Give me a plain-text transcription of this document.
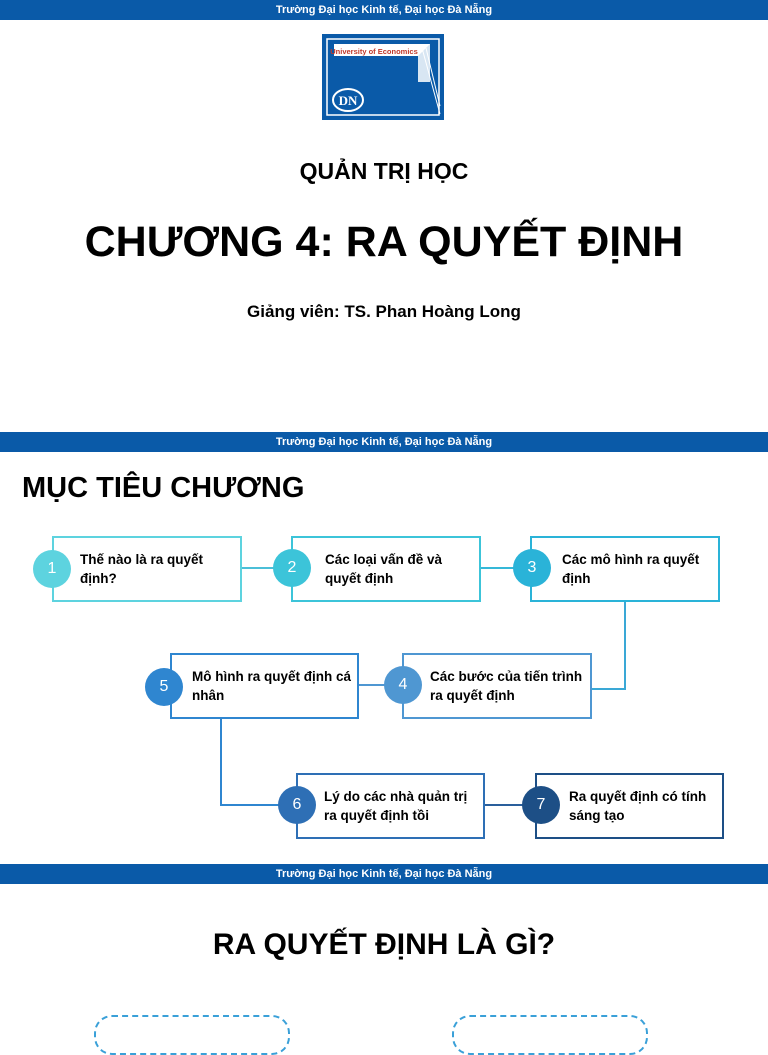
Trường Đại học Kinh tế, Đại học Đà Nẵng
University of Economics
DN
QUẢN TRỊ HỌC
CHƯƠNG 4: RA QUYẾT ĐỊNH
Giảng viên: TS. Phan Hoàng Long
Trường Đại học Kinh tế, Đại học Đà Nẵng
MỤC TIÊU CHƯƠNG
Thế nào là ra quyết định?
1
Các loại vấn đề và quyết định
2	Các mô hình ra quyết định
3
Các bước của tiến trình ra quyết định
4
Mô hình ra quyết định cá nhân
5
Lý do các nhà quản trị ra quyết định tồi
6	Ra quyết định có tính sáng tạo
7
Trường Đại học Kinh tế, Đại học Đà Nẵng
RA QUYẾT ĐỊNH LÀ GÌ?
